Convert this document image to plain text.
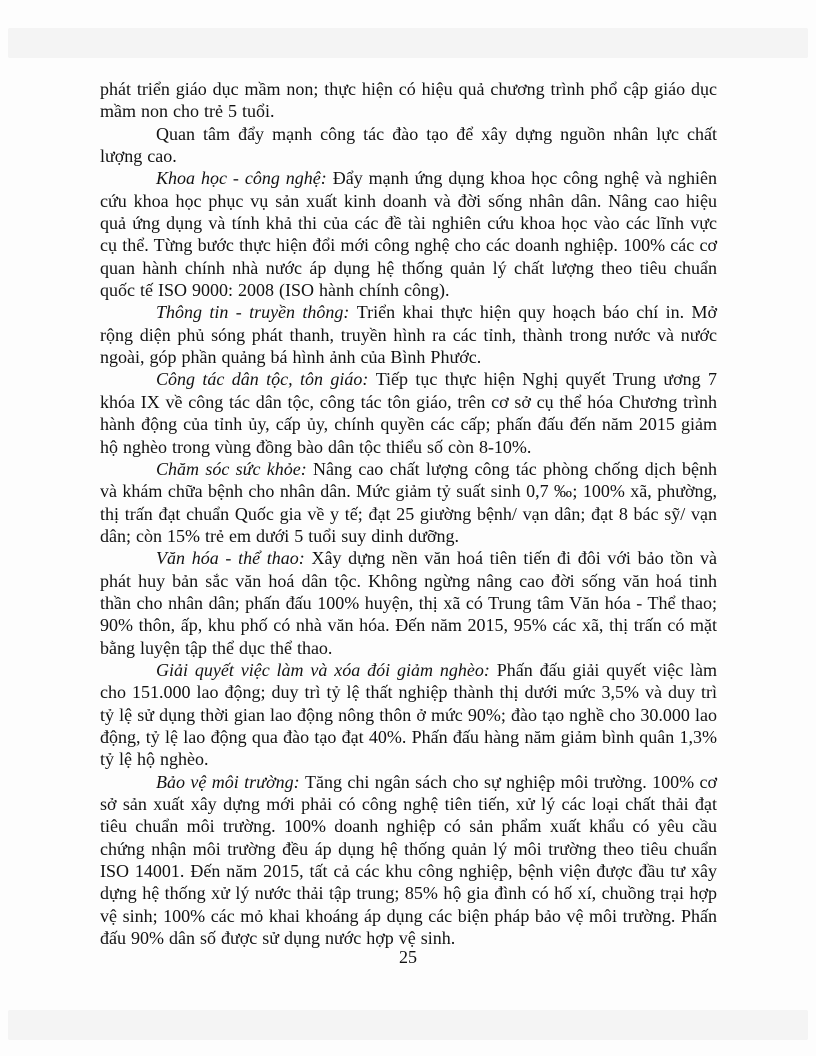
phát triển giáo dục mầm non; thực hiện có hiệu quả chương trình phổ cập giáo dục mầm non cho trẻ 5 tuổi.

Quan tâm đẩy mạnh công tác đào tạo để xây dựng nguồn nhân lực chất lượng cao.

Khoa học - công nghệ: Đẩy mạnh ứng dụng khoa học công nghệ và nghiên cứu khoa học phục vụ sản xuất kinh doanh và đời sống nhân dân. Nâng cao hiệu quả ứng dụng và tính khả thi của các đề tài nghiên cứu khoa học vào các lĩnh vực cụ thể. Từng bước thực hiện đổi mới công nghệ cho các doanh nghiệp. 100% các cơ quan hành chính nhà nước áp dụng hệ thống quản lý chất lượng theo tiêu chuẩn quốc tế ISO 9000: 2008 (ISO hành chính công).

Thông tin - truyền thông: Triển khai thực hiện quy hoạch báo chí in. Mở rộng diện phủ sóng phát thanh, truyền hình ra các tỉnh, thành trong nước và nước ngoài, góp phần quảng bá hình ảnh của Bình Phước.

Công tác dân tộc, tôn giáo: Tiếp tục thực hiện Nghị quyết Trung ương 7 khóa IX về công tác dân tộc, công tác tôn giáo, trên cơ sở cụ thể hóa Chương trình hành động của tỉnh ủy, cấp ủy, chính quyền các cấp; phấn đấu đến năm 2015 giảm hộ nghèo trong vùng đồng bào dân tộc thiểu số còn 8-10%.

Chăm sóc sức khỏe: Nâng cao chất lượng công tác phòng chống dịch bệnh và khám chữa bệnh cho nhân dân. Mức giảm tỷ suất sinh 0,7 ‰; 100% xã, phường, thị trấn đạt chuẩn Quốc gia về y tế; đạt 25 giường bệnh/ vạn dân; đạt 8 bác sỹ/ vạn dân; còn 15% trẻ em dưới 5 tuổi suy dinh dưỡng.

Văn hóa - thể thao: Xây dựng nền văn hoá tiên tiến đi đôi với bảo tồn và phát huy bản sắc văn hoá dân tộc. Không ngừng nâng cao đời sống văn hoá tinh thần cho nhân dân; phấn đấu 100% huyện, thị xã có Trung tâm Văn hóa - Thể thao; 90% thôn, ấp, khu phố có nhà văn hóa. Đến năm 2015, 95% các xã, thị trấn có mặt bằng luyện tập thể dục thể thao.

Giải quyết việc làm và xóa đói giảm nghèo: Phấn đấu giải quyết việc làm cho 151.000 lao động; duy trì tỷ lệ thất nghiệp thành thị dưới mức 3,5% và duy trì tỷ lệ sử dụng thời gian lao động nông thôn ở mức 90%; đào tạo nghề cho 30.000 lao động, tỷ lệ lao động qua đào tạo đạt 40%. Phấn đấu hàng năm giảm bình quân 1,3% tỷ lệ hộ nghèo.

Bảo vệ môi trường: Tăng chi ngân sách cho sự nghiệp môi trường. 100% cơ sở sản xuất xây dựng mới phải có công nghệ tiên tiến, xử lý các loại chất thải đạt tiêu chuẩn môi trường. 100% doanh nghiệp có sản phẩm xuất khẩu có yêu cầu chứng nhận môi trường đều áp dụng hệ thống quản lý môi trường theo tiêu chuẩn ISO 14001. Đến năm 2015, tất cả các khu công nghiệp, bệnh viện được đầu tư xây dựng hệ thống xử lý nước thải tập trung; 85% hộ gia đình có hố xí, chuồng trại hợp vệ sinh; 100% các mỏ khai khoáng áp dụng các biện pháp bảo vệ môi trường. Phấn đấu 90% dân số được sử dụng nước hợp vệ sinh.

25
